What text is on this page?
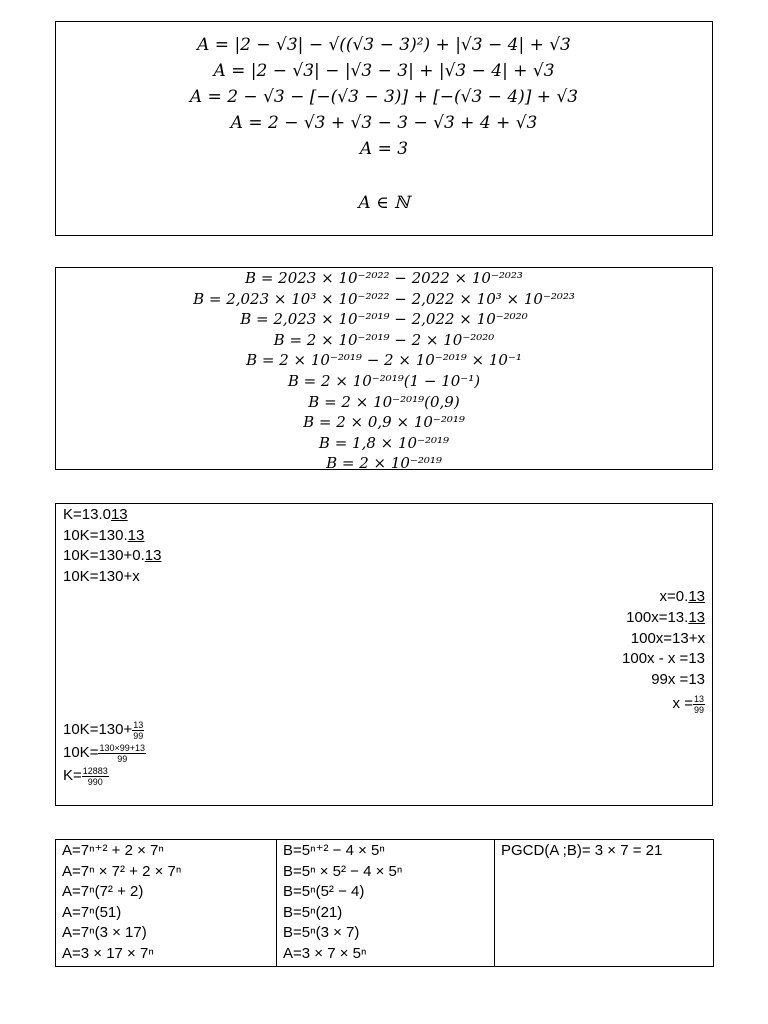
A = |2 − √3| − √((√3 − 3)²) + |√3 − 4| + √3
A = |2 − √3| − |√3 − 3| + |√3 − 4| + √3
A = 2 − √3 − [−(√3 − 3)] + [−(√3 − 4)] + √3
A = 2 − √3 + √3 − 3 − √3 + 4 + √3
A = 3
A ∈ ℕ
B = 2023 × 10⁻²⁰²² − 2022 × 10⁻²⁰²³
B = 2,023 × 10³ × 10⁻²⁰²² − 2,022 × 10³ × 10⁻²⁰²³
B = 2,023 × 10⁻²⁰¹⁹ − 2,022 × 10⁻²⁰²⁰
B = 2 × 10⁻²⁰¹⁹ − 2 × 10⁻²⁰²⁰
B = 2 × 10⁻²⁰¹⁹ − 2 × 10⁻²⁰¹⁹ × 10⁻¹
B = 2 × 10⁻²⁰¹⁹(1 − 10⁻¹)
B = 2 × 10⁻²⁰¹⁹(0,9)
B = 2 × 0,9 × 10⁻²⁰¹⁹
B = 1,8 × 10⁻²⁰¹⁹
B = 2 × 10⁻²⁰¹⁹
K=13.013
10K=130.13
10K=130+0.13
10K=130+x
x=0.13
100x=13.13
100x=13+x
100x - x =13
99x =13
$x = \frac{13}{99}$
$10K=130+ \frac{13}{99}$
$10K= \frac{130\times 99+13}{99}$
$K= \frac{12883}{990}$
A=7ⁿ⁺² + 2 × 7ⁿ
A=7ⁿ × 7² + 2 × 7ⁿ
A=7ⁿ(7² + 2)
A=7ⁿ(51)
A=7ⁿ(3 × 17)
A=3 × 17 × 7ⁿ

B=5ⁿ⁺² − 4 × 5ⁿ
B=5ⁿ × 5² − 4 × 5ⁿ
B=5ⁿ(5² − 4)
B=5ⁿ(21)
B=5ⁿ(3 × 7)
A=3 × 7 × 5ⁿ

PGCD(A ;B)= 3 × 7 = 21
